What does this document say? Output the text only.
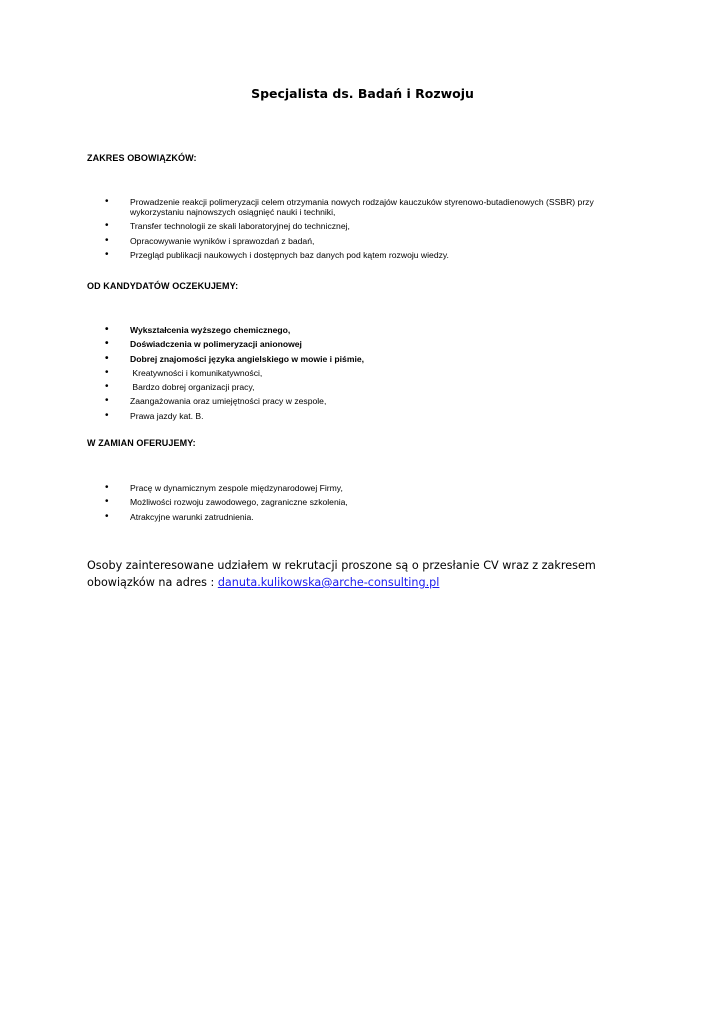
Specjalista ds. Badań i Rozwoju
ZAKRES OBOWIĄZKÓW:
• Prowadzenie reakcji polimeryzacji celem otrzymania nowych rodzajów kauczuków styrenowo-butadienowych (SSBR) przy wykorzystaniu najnowszych osiągnięć nauki i techniki,
• Transfer technologii ze skali laboratoryjnej do technicznej,
• Opracowywanie wyników i sprawozdań z badań,
• Przegląd publikacji naukowych i dostępnych baz danych pod kątem rozwoju wiedzy.
OD KANDYDATÓW OCZEKUJEMY:
• Wykształcenia wyższego chemicznego,
• Doświadczenia w polimeryzacji anionowej
• Dobrej znajomości języka angielskiego w mowie i piśmie,
• Kreatywności i komunikatywności,
• Bardzo dobrej organizacji pracy,
• Zaangażowania oraz umiejętności pracy w zespole,
• Prawa jazdy kat. B.
W ZAMIAN OFERUJEMY:
• Pracę w dynamicznym zespole międzynarodowej Firmy,
• Możliwości rozwoju zawodowego, zagraniczne szkolenia,
• Atrakcyjne warunki zatrudnienia.
Osoby zainteresowane udziałem w rekrutacji proszone są o przesłanie CV wraz z zakresem obowiązków na adres : danuta.kulikowska@arche-consulting.pl
